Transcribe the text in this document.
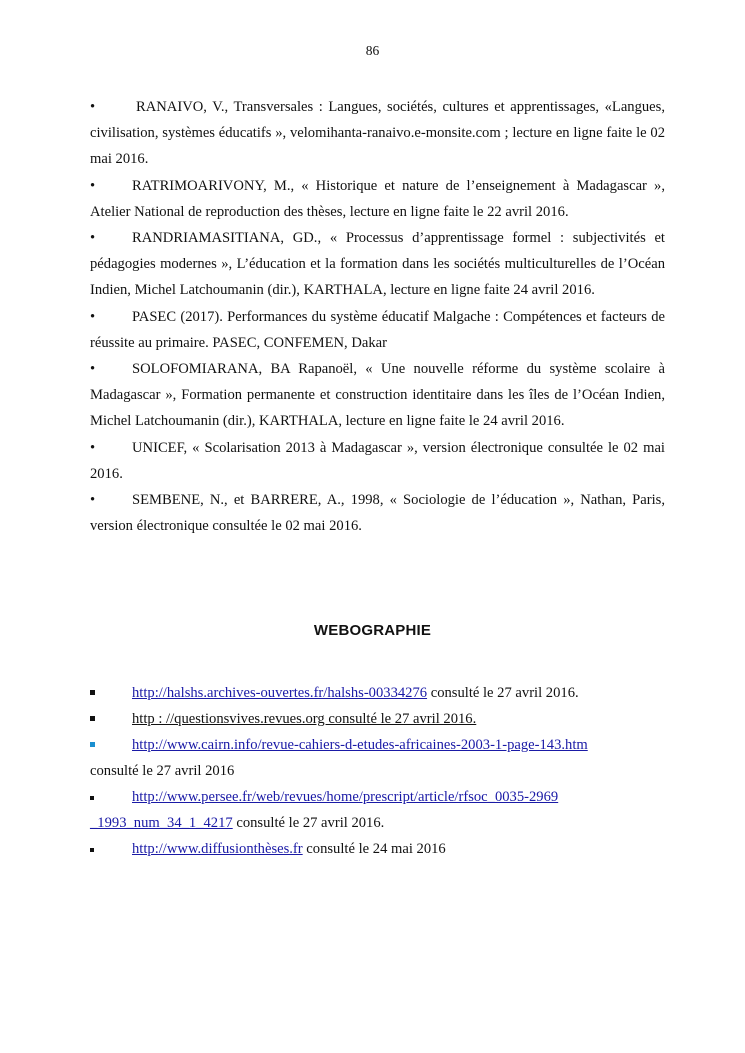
86

•	RANAIVO, V., Transversales : Langues, sociétés, cultures et apprentissages, «Langues, civilisation, systèmes éducatifs », velomihanta-ranaivo.e-monsite.com ; lecture en ligne faite le 02 mai 2016.

•	RATRIMOARIVONY, M., « Historique et nature de l’enseignement à Madagascar », Atelier National de reproduction des thèses, lecture en ligne faite le 22 avril 2016.

•	RANDRIAMASITIANA, GD., « Processus d’apprentissage formel : subjectivités et pédagogies modernes », L’éducation et la formation dans les sociétés multiculturelles de l’Océan Indien, Michel Latchoumanin (dir.), KARTHALA, lecture en ligne faite 24 avril 2016.

•	PASEC (2017). Performances du système éducatif Malgache : Compétences et facteurs de réussite au primaire. PASEC, CONFEMEN, Dakar

•	SOLOFOMIARANA, BA Rapanoël, « Une nouvelle réforme du système scolaire à Madagascar », Formation permanente et construction identitaire dans les îles de l’Océan Indien, Michel Latchoumanin (dir.), KARTHALA, lecture en ligne faite le 24 avril 2016.

•	UNICEF, « Scolarisation 2013 à Madagascar », version électronique consultée le 02 mai 2016.

•	SEMBENE, N., et BARRERE, A., 1998, « Sociologie de l’éducation », Nathan, Paris, version électronique consultée le 02 mai 2016.

WEBOGRAPHIE
http://halshs.archives-ouvertes.fr/halshs-00334276 consulté le 27 avril 2016.
http : //questionsvives.revues.org consulté le 27 avril 2016.
http://www.cairn.info/revue-cahiers-d-etudes-africaines-2003-1-page-143.htm
consulté le 27 avril 2016
http://www.persee.fr/web/revues/home/prescript/article/rfsoc_0035-2969_1993_num_34_1_4217 consulté le 27 avril 2016.
http://www.diffusionthèses.fr consulté le 24 mai 2016
